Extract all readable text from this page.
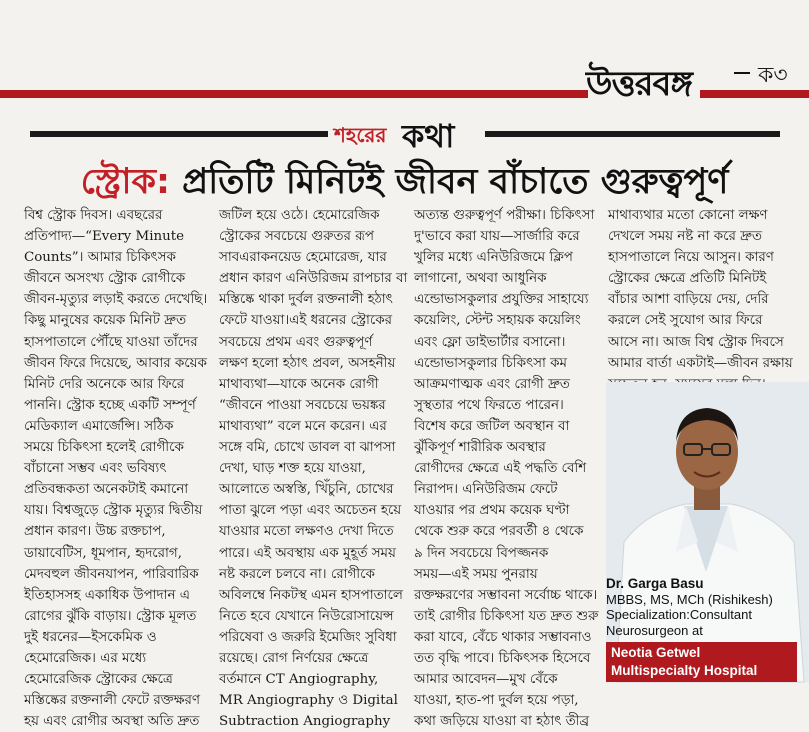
উত্তরবঙ্গ	ক৩
শহরের কথা
স্ট্রোক: প্রতিটি মিনিটই জীবন বাঁচাতে গুরুত্বপূর্ণ
বিশ্ব স্ট্রোক দিবস। এবছরের
প্রতিপাদ্য—“Every Minute
Counts”। আমার চিকিৎসক
জীবনে অসংখ্য স্ট্রোক রোগীকে
জীবন-মৃত্যুর লড়াই করতে দেখেছি।
কিছু মানুষের কয়েক মিনিট দ্রুত
হাসপাতালে পৌঁছে যাওয়া তাঁদের
জীবন ফিরে দিয়েছে, আবার কয়েক
মিনিট দেরি অনেকে আর ফিরে
পাননি। স্ট্রোক হচ্ছে একটি সম্পূর্ণ
মেডিক্যাল এমার্জেন্সি। সঠিক
সময়ে চিকিৎসা হলেই রোগীকে
বাঁচানো সম্ভব এবং ভবিষ্যৎ
প্রতিবন্ধকতা অনেকটাই কমানো
যায়। বিশ্বজুড়ে স্ট্রোক মৃত্যুর দ্বিতীয়
প্রধান কারণ। উচ্চ রক্তচাপ,
ডায়াবেটিস, ধূমপান, হৃদরোগ,
মেদবহুল জীবনযাপন, পারিবারিক
ইতিহাসসহ একাধিক উপাদান এ
রোগের ঝুঁকি বাড়ায়। স্ট্রোক মূলত
দুই ধরনের—ইসকেমিক ও
হেমোরেজিক। এর মধ্যে
হেমোরেজিক স্ট্রোকের ক্ষেত্রে
মস্তিষ্কের রক্তনালী ফেটে রক্তক্ষরণ
হয় এবং রোগীর অবস্থা অতি দ্রুত
জটিল হয়ে ওঠে। হেমোরেজিক
স্ট্রোকের সবচেয়ে গুরুতর রূপ
সাবএরাকনয়েড হেমোরেজ, যার
প্রধান কারণ এনিউরিজম রাপচার বা
মস্তিষ্কে থাকা দুর্বল রক্তনালী হঠাৎ
ফেটে যাওয়া।এই ধরনের স্ট্রোকের
সবচেয়ে প্রথম এবং গুরুত্বপূর্ণ
লক্ষণ হলো হঠাৎ প্রবল, অসহনীয়
মাথাব্যথা—যাকে অনেক রোগী
“জীবনে পাওয়া সবচেয়ে ভয়ঙ্কর
মাথাব্যথা” বলে মনে করেন। এর
সঙ্গে বমি, চোখে ডাবল বা ঝাপসা
দেখা, ঘাড় শক্ত হয়ে যাওয়া,
আলোতে অস্বস্তি, খিঁচুনি, চোখের
পাতা ঝুলে পড়া এবং অচেতন হয়ে
যাওয়ার মতো লক্ষণও দেখা দিতে
পারে। এই অবস্থায় এক মুহূর্ত সময়
নষ্ট করলে চলবে না। রোগীকে
অবিলম্বে নিকটস্থ এমন হাসপাতালে
নিতে হবে যেখানে নিউরোসায়েন্স
পরিষেবা ও জরুরি ইমেজিং সুবিধা
রয়েছে। রোগ নির্ণয়ের ক্ষেত্রে
বর্তমানে CT Angiography,
MR Angiography ও Digital
Subtraction Angiography
অত্যন্ত গুরুত্বপূর্ণ পরীক্ষা। চিকিৎসা
দু'ভাবে করা যায়—সার্জারি করে
খুলির মধ্যে এনিউরিজমে ক্লিপ
লাগানো, অথবা আধুনিক
এন্ডোভাসকুলার প্রযুক্তির সাহায্যে
কয়েলিং, স্টেন্ট সহায়ক কয়েলিং
এবং ফ্লো ডাইভার্টার বসানো।
এন্ডোভাসকুলার চিকিৎসা কম
আক্রমণাত্মক এবং রোগী দ্রুত
সুস্থতার পথে ফিরতে পারেন।
বিশেষ করে জটিল অবস্থান বা
ঝুঁকিপূর্ণ শারীরিক অবস্থার
রোগীদের ক্ষেত্রে এই পদ্ধতি বেশি
নিরাপদ। এনিউরিজম ফেটে
যাওয়ার পর প্রথম কয়েক ঘণ্টা
থেকে শুরু করে পরবর্তী ৪ থেকে
৯ দিন সবচেয়ে বিপজ্জনক
সময়—এই সময় পুনরায়
রক্তক্ষরণের সম্ভাবনা সর্বোচ্চ থাকে।
তাই রোগীর চিকিৎসা যত দ্রুত শুরু
করা যাবে, বেঁচে থাকার সম্ভাবনাও
তত বৃদ্ধি পাবে। চিকিৎসক হিসেবে
আমার আবেদন—মুখ বেঁকে
যাওয়া, হাত-পা দুর্বল হয়ে পড়া,
কথা জড়িয়ে যাওয়া বা হঠাৎ তীব্র
মাথাব্যথার মতো কোনো লক্ষণ
দেখলে সময় নষ্ট না করে দ্রুত
হাসপাতালে নিয়ে আসুন। কারণ
স্ট্রোকের ক্ষেত্রে প্রতিটি মিনিটই
বাঁচার আশা বাড়িয়ে দেয়, দেরি
করলে সেই সুযোগ আর ফিরে
আসে না। আজ বিশ্ব স্ট্রোক দিবসে
আমার বার্তা একটাই—জীবন রক্ষায়
Dr. Garga Basu
MBBS, MS, MCh (Rishikesh)
Specialization:Consultant
Neurosurgeon at
Neotia Getwel
Multispecialty Hospital
